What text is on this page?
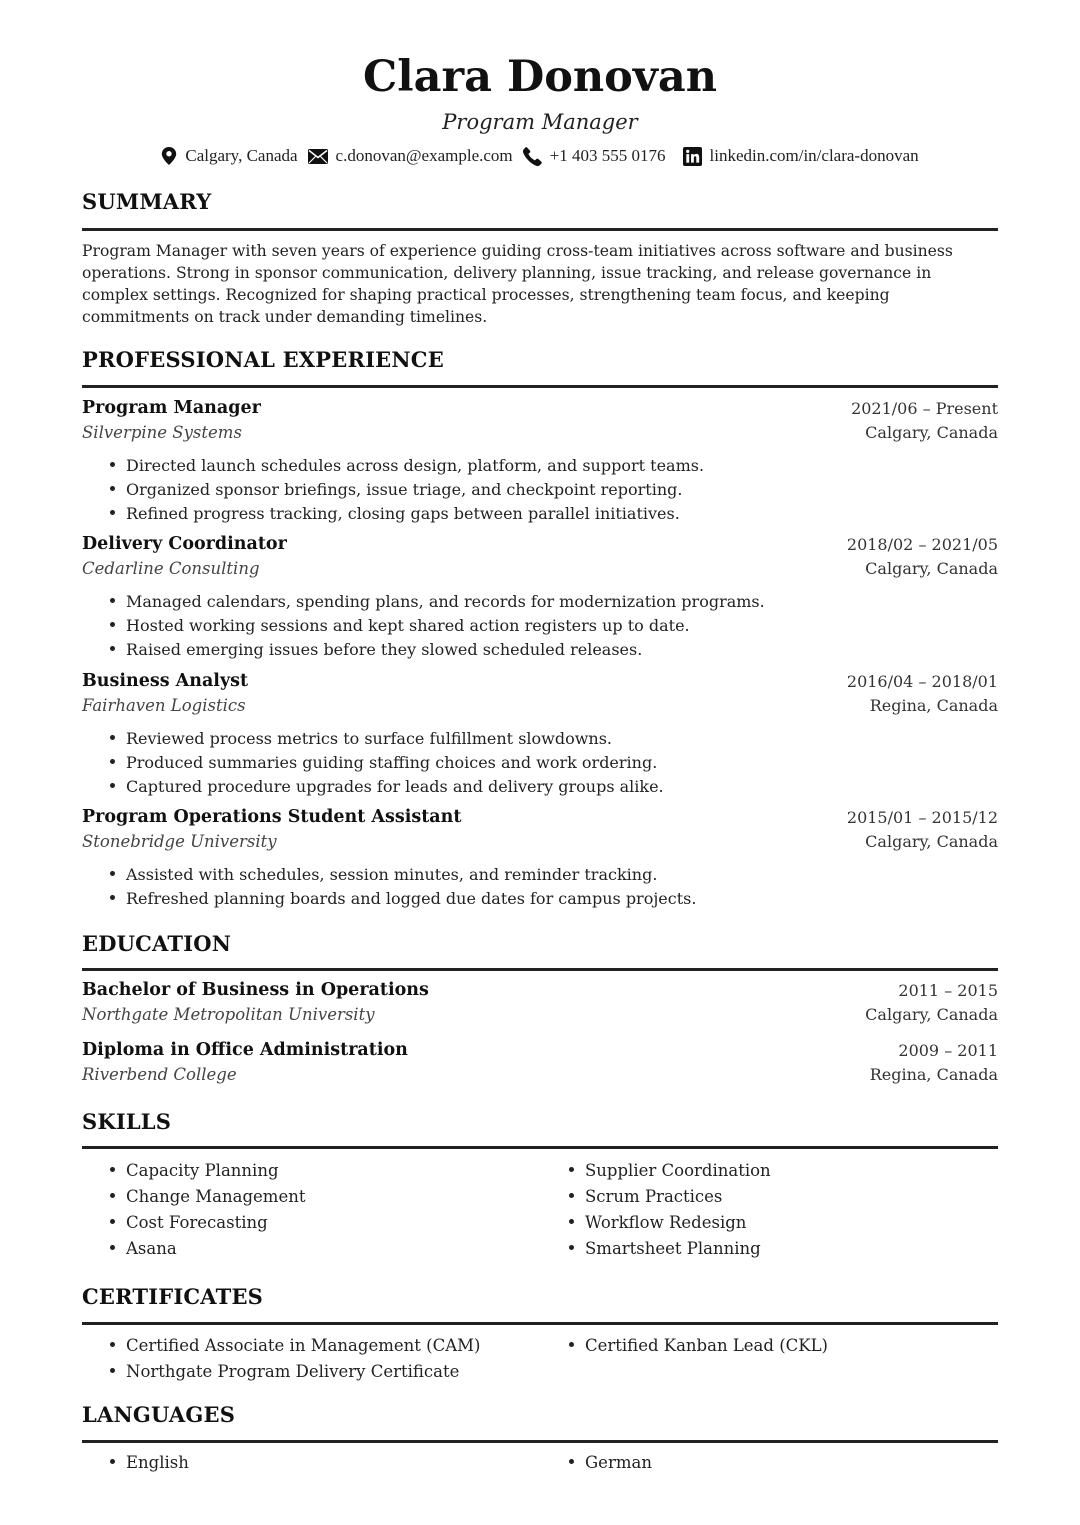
Clara Donovan
Program Manager
Calgary, Canada c.donovan@example.com +1 403 555 0176	linkedin.com/in/clara-donovan
SUMMARY
Program Manager with seven years of experience guiding cross-team initiatives across software and business
operations. Strong in sponsor communication, delivery planning, issue tracking, and release governance in
complex settings. Recognized for shaping practical processes, strengthening team focus, and keeping
commitments on track under demanding timelines.
PROFESSIONAL EXPERIENCE
Program Manager
Silverpine Systems
2021/06 – Present
Calgary, Canada
Directed launch schedules across design, platform, and support teams.
Organized sponsor briefings, issue triage, and checkpoint reporting.
Refined progress tracking, closing gaps between parallel initiatives.
Delivery Coordinator
Cedarline Consulting
2018/02 – 2021/05
Calgary, Canada
Managed calendars, spending plans, and records for modernization programs.
Hosted working sessions and kept shared action registers up to date.
Raised emerging issues before they slowed scheduled releases.
Business Analyst
Fairhaven Logistics
2016/04 – 2018/01
Regina, Canada
Reviewed process metrics to surface fulfillment slowdowns.
Produced summaries guiding staffing choices and work ordering.
Captured procedure upgrades for leads and delivery groups alike.
Program Operations Student Assistant
Stonebridge University
2015/01 – 2015/12
Calgary, Canada
Assisted with schedules, session minutes, and reminder tracking.
Refreshed planning boards and logged due dates for campus projects.
EDUCATION
Bachelor of Business in Operations
Northgate Metropolitan University
2011 – 2015
Calgary, Canada
Diploma in Office Administration
Riverbend College
2009 – 2011
Regina, Canada
SKILLS
Capacity Planning
Change Management
Cost Forecasting
Asana
Supplier Coordination
Scrum Practices
Workflow Redesign
Smartsheet Planning
CERTIFICATES
Certified Associate in Management (CAM)
Northgate Program Delivery Certificate
Certified Kanban Lead (CKL)
LANGUAGES
English	German
